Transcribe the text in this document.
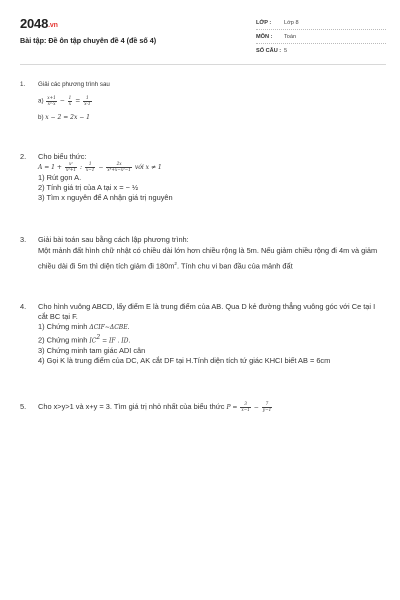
2048.vn
Bài tập: Đề ôn tập chuyên đề 4 (đề số 4)
LỚP :	Lớp 8
MÔN :	Toán
SỐ CÂU : 5
1. Giải các phương trình sau
$a) \frac{x+1}{\text{x²-x}} - \frac{1}{x} = \frac{1}{x-1}$
b) x − 2 = 2x − 1
2. Cho biểu thức:
$A = 1 + \frac{\text{x²}}{\text{x²+1}}$ : $\frac{1}{x-1} - \frac{2x}{\text{x³+x−x²−1}}$ với x ≠ 1
1) Rút gọn A.
2) Tính giá trị của A tại x = − ½
3) Tìm x nguyên để A nhận giá trị nguyên
3. Giải bài toán sau bằng cách lập phương trình:
Một mảnh đất hình chữ nhật có chiều dài lớn hơn chiều rộng là 5m. Nếu giảm chiều rộng đi 4m và giảm chiều dài đi 5m thì diện tích giảm đi $180m^2$. Tính chu vi ban đầu của mảnh đất
4. Cho hình vuông ABCD, lấy điểm E là trung điểm của AB. Qua D kẻ đường thẳng vuông góc với Ce tại I cắt BC tại F.
1) Chứng minh ΔCIF~ΔCBE.
2) Chứng minh $IC^2$ = IF . ID.
3) Chứng minh tam giác ADI cân
4) Gọi K là trung điểm của DC, AK cắt DF tại H.Tính diện tích tứ giác KHCI biết AB = 6cm
5. Cho x>y>1 và x+y = 3. Tìm giá trị nhỏ nhất của biểu thức $P = \frac{3}{x-1} - \frac{7}{y-1}$
